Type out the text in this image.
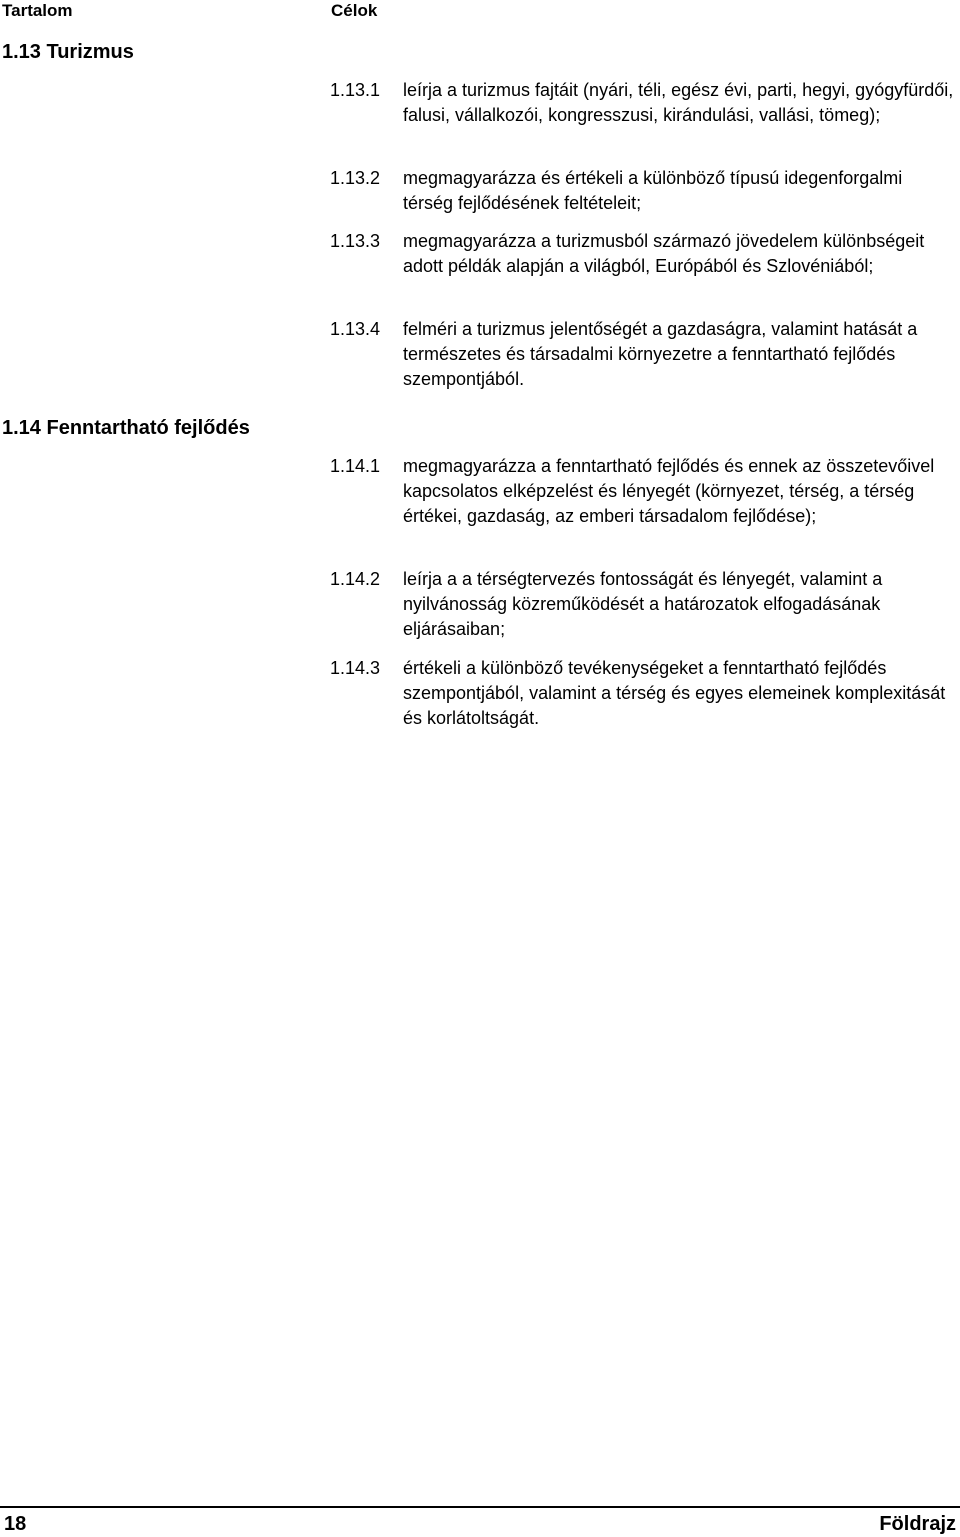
Tartalom	Célok
1.13 Turizmus
1.13.1	leírja a turizmus fajtáit (nyári, téli, egész évi, parti, hegyi, gyógyfürdői, falusi, vállalkozói, kongresszusi, kirándulási, vallási, tömeg);
1.13.2	megmagyarázza és értékeli a különböző típusú idegenforgalmi térség fejlődésének feltételeit;
1.13.3	megmagyarázza a turizmusból származó jövedelem különbségeit adott példák alapján a világból, Európából és Szlovéniából;
1.13.4	felméri a turizmus jelentőségét a gazdaságra, valamint hatását a természetes és társadalmi környezetre a fenntartható fejlődés szempontjából.
1.14 Fenntartható fejlődés
1.14.1	megmagyarázza a fenntartható fejlődés és ennek az összetevőivel kapcsolatos elképzelést és lényegét (környezet, térség, a térség értékei, gazdaság, az emberi társadalom fejlődése);
1.14.2	leírja a a térségtervezés fontosságát és lényegét, valamint a nyilvánosság közreműködését a határozatok elfogadásának eljárásaiban;
1.14.3	értékeli a különböző tevékenységeket a fenntartható fejlődés szempontjából, valamint a térség és egyes elemeinek komplexitását és korlátoltságát.
18	Földrajz
